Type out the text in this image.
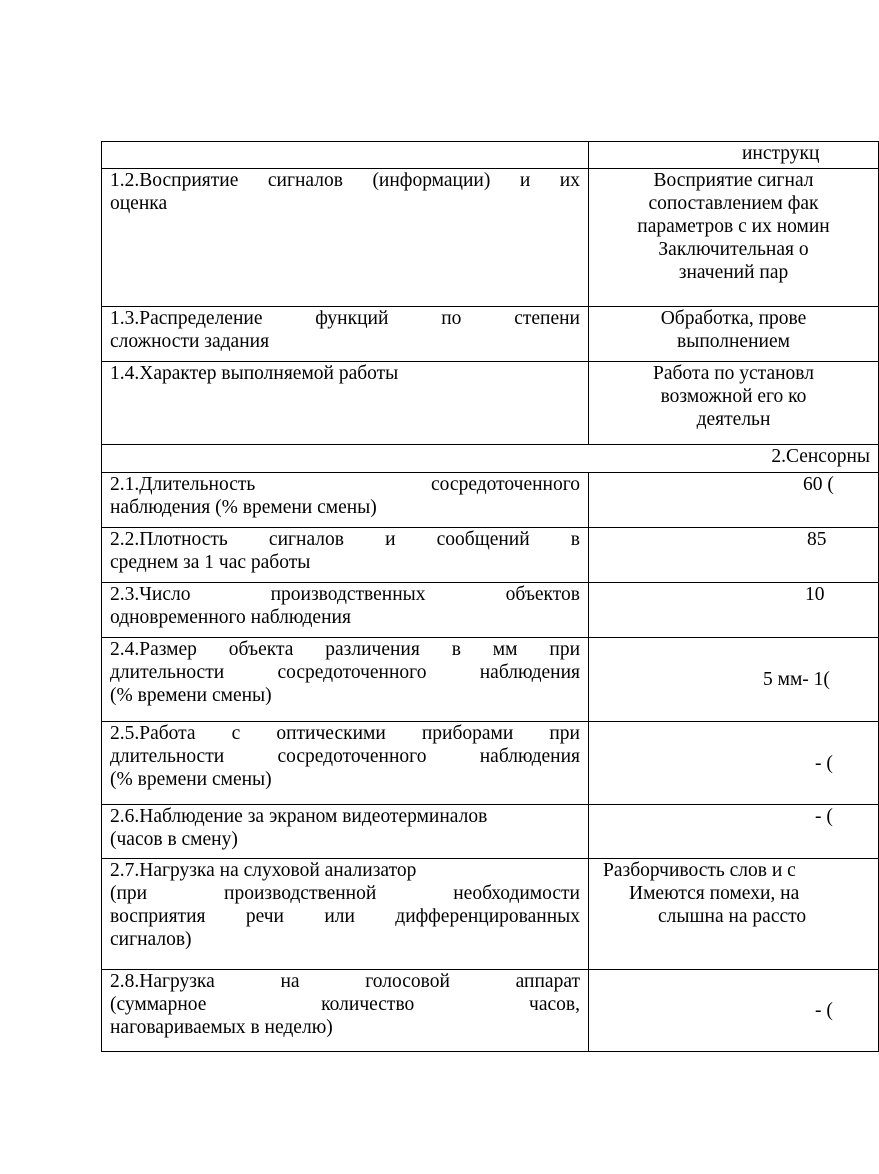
	инструкц

1.2.Восприятие сигналов (информации) и их
оценка	Восприятие сигнал
сопоставлением фак
параметров с их номин
Заключительная о
значений пар

1.3.Распределение функций по степени
сложности задания	Обработка, прове
выполнением

1.4.Характер выполняемой работы	Работа по установл
возможной его ко
деятельн

2.Сенсорны	

2.1.Длительность сосредоточенного
наблюдения (% времени смены)	60 (

2.2.Плотность сигналов и сообщений в
среднем за 1 час работы	85

2.3.Число производственных объектов
одновременного наблюдения	10

2.4.Размер объекта различения в мм при
длительности сосредоточенного наблюдения
(% времени смены)	5 мм- 1(

2.5.Работа с оптическими приборами при
длительности сосредоточенного наблюдения
(% времени смены)	- (

2.6.Наблюдение за экраном видеотерминалов
(часов в смену)	- (

2.7.Нагрузка на слуховой анализатор
(при производственной необходимости
восприятия речи или дифференцированных
сигналов)	Разборчивость слов и с
Имеются помехи, на
слышна на рассто

2.8.Нагрузка на голосовой аппарат
(суммарное количество часов,
наговариваемых в неделю)	- (
